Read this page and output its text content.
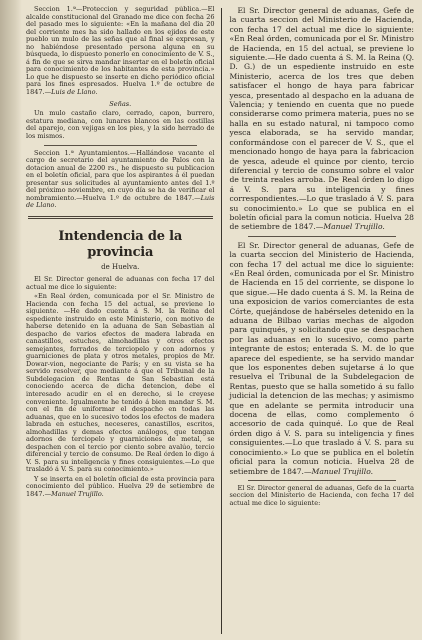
Seccion 1.ª—Proteccion y seguridad pública.—El alcalde constitucional del Granado me dice con fecha 26 del pasado mes lo siguiente: «En la mañana del dia 20 del corriente mes ha sido hallado en los ejidos de este pueblo un mulo de las señas que al final se expresan, y no habiéndose presentado persona alguna en su búsqueda, lo dispuesto ponerlo en conocimiento de V. S., á fin de que se sirva mandar insertar en el boletín oficial para conocimiento de los habitantes de esta provincia.» Lo que he dispuesto se inserte en dicho periódico oficial para los fines espresados. Huelva 1.º de octubre de 1847.—Luis de Llano.

Señas.

Un mulo castaño claro, cerrado, capon, burrero, estatura mediana, con lunares blancos en las costillas del aparejo, con vejigas en los pies, y la sido herrado de los mismos.

Seccion 1.ª Ayuntamientos.—Hallándose vacante el cargo de secretario del ayuntamiento de Palos con la dotacion anual de 2200 rs., he dispuesto su publicacion en el boletín oficial, para que los aspirantes á él puedan presentar sus solicitudes al ayuntamiento antes del 1.º del próximo noviembre, en cuyo día se ha de verificar el nombramiento.—Huelva 1.º de octubre de 1847.—Luis de Llano.

Intendencia de la provincia
de Huelva.

El Sr. Director general de aduanas con fecha 17 del actual me dice lo siguiente:

«En Real órden, comunicada por el Sr. Ministro de Hacienda con fecha 15 del actual, se previene lo siguiente. —He dado cuenta á S. M. la Reina del espediente instruido en este Ministerio, con motivo de haberse detenido en la aduana de San Sebastian al despacho de varios efectos de madera labrada en canastillos, estuches, almohadillas y otros efectos semejantes, forrados de terciopelo y con adornos y guarniciones de plata y otros metales, propios de Mr. Dowar-vion, negociante de París; y en su vista se ha servido resolver, que mediante á que el Tribunal de la Subdelegacion de Rentas de San Sebastian está conociendo acerca de dicha detencion, debe el interesado acudir en el en derecho, si le creyese conveniente. Igualmente he tenido á bien mandar S. M. con el fin de uniformar el despacho en todas las aduanas, que en lo sucesivo todos los efectos de madera labrada en estuches, neceseres, canastillos, escritos, almohadillas y demas efectos análogos, que tengan adornos de terciopelo y guarniciones de metal, se despachen con el tercio por ciento sobre avalúo, tercio diferencial y tercio de consumo. De Real órden lo digo á V. S. para su inteligencia y fines consiguientes.—Lo que trasladó á V. S. para su conocimiento.»

Y se inserta en el boletín oficial de esta provincia para conocimiento del público. Huelva 29 de setiembre de 1847.—Manuel Trujillo.

El Sr. Director general de aduanas, Gefe de la cuarta seccion del Ministerio de Hacienda, con fecha 17 del actual me dice lo siguiente: «En Real órden, comunicada por el Sr. Ministro de Hacienda, en 15 del actual, se previene lo siguiente.—He dado cuenta á S. M. la Reina (Q. D. G.) de un espediente instruido en este Ministerio, acerca de los tres que deben satisfacer el hongo de haya para fabricar yesca, presentado al despacho en la aduana de Valencia; y teniendo en cuenta que no puede considerarse como primera materia, pues no se halla en su estado natural, ni tampoco como yesca elaborada, se ha servido mandar, conformándose con el parecer de V. S., que el mencionado hongo de haya para la fabricacion de yesca, adeude el quince por ciento, tercio diferencial y tercio de consumo sobre el valor de treinta reales arroba. De Real órden lo digo á V. S. para su inteligencia y fines correspondientes.—Lo que traslado á V. S. para su conocimiento.» Lo que se publica en el boletín oficial para la comun noticia. Huelva 28 de setiembre de 1847.—Manuel Trujillo.

El Sr. Director general de aduanas, Gefe de la cuarta seccion del Ministerio de Hacienda, con fecha 17 del actual me dice lo siguiente: «En Real órden, comunicada por el Sr. Ministro de Hacienda en 15 del corriente, se dispone lo que sigue.—He dado cuenta á S. M. la Reina de una exposicion de varios comerciantes de esta Córte, quejándose de habérseles detenido en la aduana de Bilbao varias mechas de algodon para quinqués, y solicitando que se despachen por las aduanas en lo sucesivo, como parte integrante de estos; enterada S. M. de lo que aparece del espediente, se ha servido mandar que los esponentes deben sujetarse á lo que resuelva el Tribunal de la Subdelegacion de Rentas, puesto que se halla sometido á su fallo judicial la detencion de las mechas; y asimismo que en adelante se permita introducir una docena de ellas, como complemento ó accesorio de cada quinqué. Lo que de Real órden digo á V. S. para su inteligencia y fines consiguientes.—Lo que traslado á V. S. para su conocimiento.» Lo que se publica en el boletín oficial para la comun noticia. Huelva 28 de setiembre de 1847.—Manuel Trujillo.

El Sr. Director general de aduanas, Gefe de la cuarta seccion del Ministerio de Hacienda, con fecha 17 del actual me dice lo siguiente:
